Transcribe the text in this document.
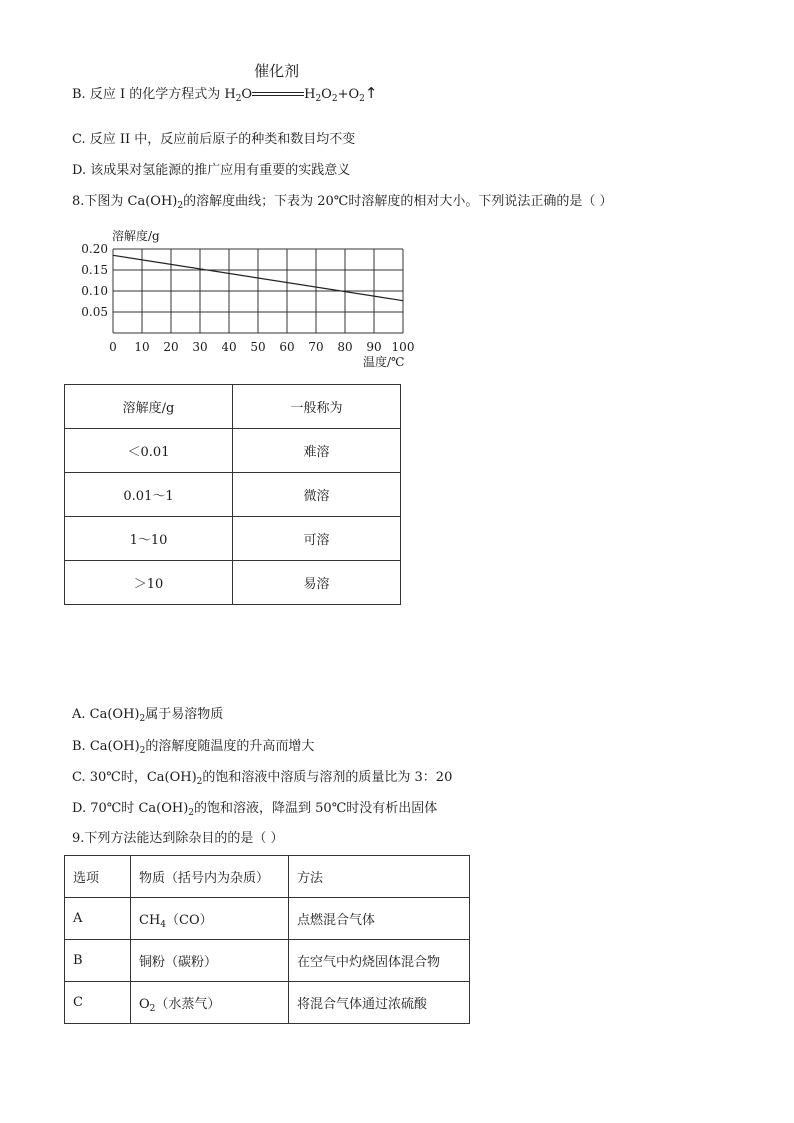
B. 反应 I 的化学方程式为 $H_2O$
催化剂
$H_2O_2+O_2↑$
C. 反应 II 中，反应前后原子的种类和数目均不变
D. 该成果对氢能源的推广应用有重要的实践意义
8.下图为 $Ca(OH)_2$的溶解度曲线；下表为 20℃时溶解度的相对大小。下列说法正确的是（ ）
0.05
0.10
0.15
0.20
0 10 20 30 40 50 60 70 80 90 100
溶解度/g
温度/℃
溶解度/g	一般称为
＜0.01	难溶
0.01～1	微溶
1～10	可溶
＞10	易溶
A. $Ca(OH)_2$属于易溶物质
B. $Ca(OH)_2$的溶解度随温度的升高而增大
C. 30℃时，$Ca(OH)_2$的饱和溶液中溶质与溶剂的质量比为 3：20
D. 70℃时 $Ca(OH)_2$的饱和溶液，降温到 50℃时没有析出固体
9.下列方法能达到除杂目的的是（ ）
选项	物质（括号内为杂质）	方法
A	$CH_4(CO)$	点燃混合气体
B	铜粉（碳粉）	在空气中灼烧固体混合物
C	$O_2$（水蒸气）	将混合气体通过浓硫酸
